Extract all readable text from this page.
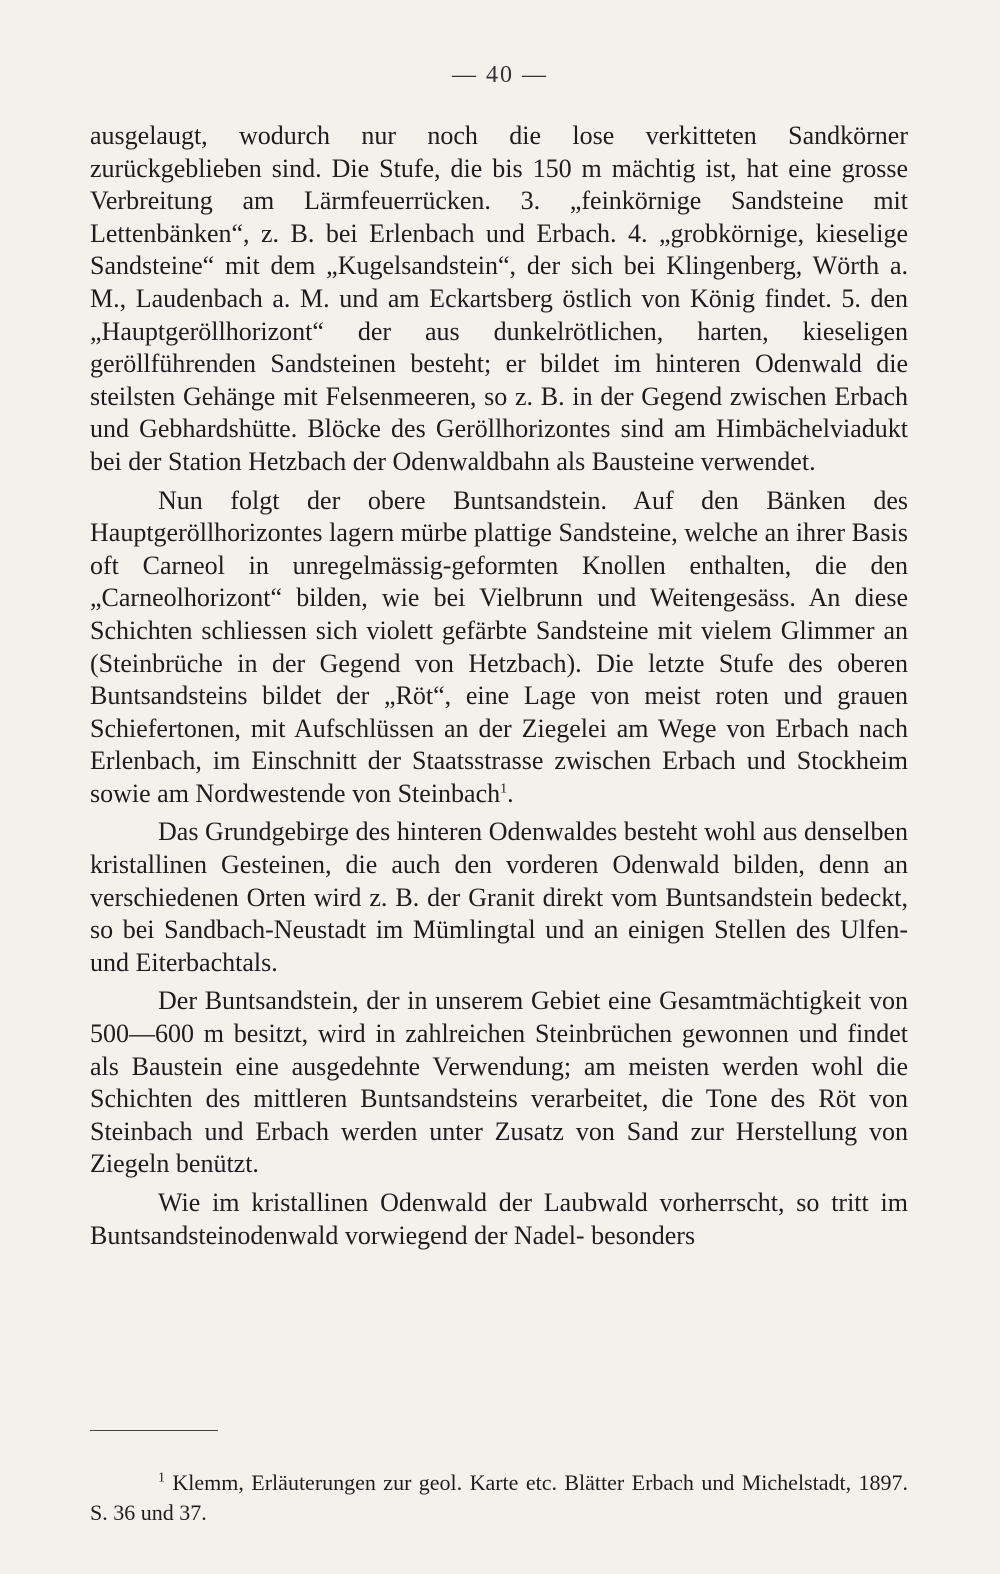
— 40 —

ausgelaugt, wodurch nur noch die lose verkitteten Sandkörner zurückgeblieben sind. Die Stufe, die bis 150 m mächtig ist, hat eine grosse Verbreitung am Lärmfeuerrücken. 3. „feinkörnige Sandsteine mit Lettenbänken“, z. B. bei Erlenbach und Erbach. 4. „grobkörnige, kieselige Sandsteine“ mit dem „Kugelsandstein“, der sich bei Klingenberg, Wörth a. M., Laudenbach a. M. und am Eckartsberg östlich von König findet. 5. den „Hauptgeröllhorizont“ der aus dunkelrötlichen, harten, kieseligen geröllführenden Sandsteinen besteht; er bildet im hinteren Odenwald die steilsten Gehänge mit Felsenmeeren, so z. B. in der Gegend zwischen Erbach und Gebhardshütte. Blöcke des Geröllhorizontes sind am Himbächelviadukt bei der Station Hetzbach der Odenwaldbahn als Bausteine verwendet.

Nun folgt der obere Buntsandstein. Auf den Bänken des Hauptgeröllhorizontes lagern mürbe plattige Sandsteine, welche an ihrer Basis oft Carneol in unregelmässig-geformten Knollen enthalten, die den „Carneolhorizont“ bilden, wie bei Vielbrunn und Weitengesäss. An diese Schichten schliessen sich violett gefärbte Sandsteine mit vielem Glimmer an (Steinbrüche in der Gegend von Hetzbach). Die letzte Stufe des oberen Buntsandsteins bildet der „Röt“, eine Lage von meist roten und grauen Schiefertonen, mit Aufschlüssen an der Ziegelei am Wege von Erbach nach Erlenbach, im Einschnitt der Staatsstrasse zwischen Erbach und Stockheim sowie am Nordwestende von Steinbach$^1$.

Das Grundgebirge des hinteren Odenwaldes besteht wohl aus denselben kristallinen Gesteinen, die auch den vorderen Odenwald bilden, denn an verschiedenen Orten wird z. B. der Granit direkt vom Buntsandstein bedeckt, so bei Sandbach-Neustadt im Mümlingtal und an einigen Stellen des Ulfen- und Eiterbachtals.

Der Buntsandstein, der in unserem Gebiet eine Gesamtmächtigkeit von 500—600 m besitzt, wird in zahlreichen Steinbrüchen gewonnen und findet als Baustein eine ausgedehnte Verwendung; am meisten werden wohl die Schichten des mittleren Buntsandsteins verarbeitet, die Tone des Röt von Steinbach und Erbach werden unter Zusatz von Sand zur Herstellung von Ziegeln benützt.

Wie im kristallinen Odenwald der Laubwald vorherrscht, so tritt im Buntsandsteinodenwald vorwiegend der Nadel- besonders

$^1$ Klemm, Erläuterungen zur geol. Karte etc. Blätter Erbach und Michelstadt, 1897. S. 36 und 37.
